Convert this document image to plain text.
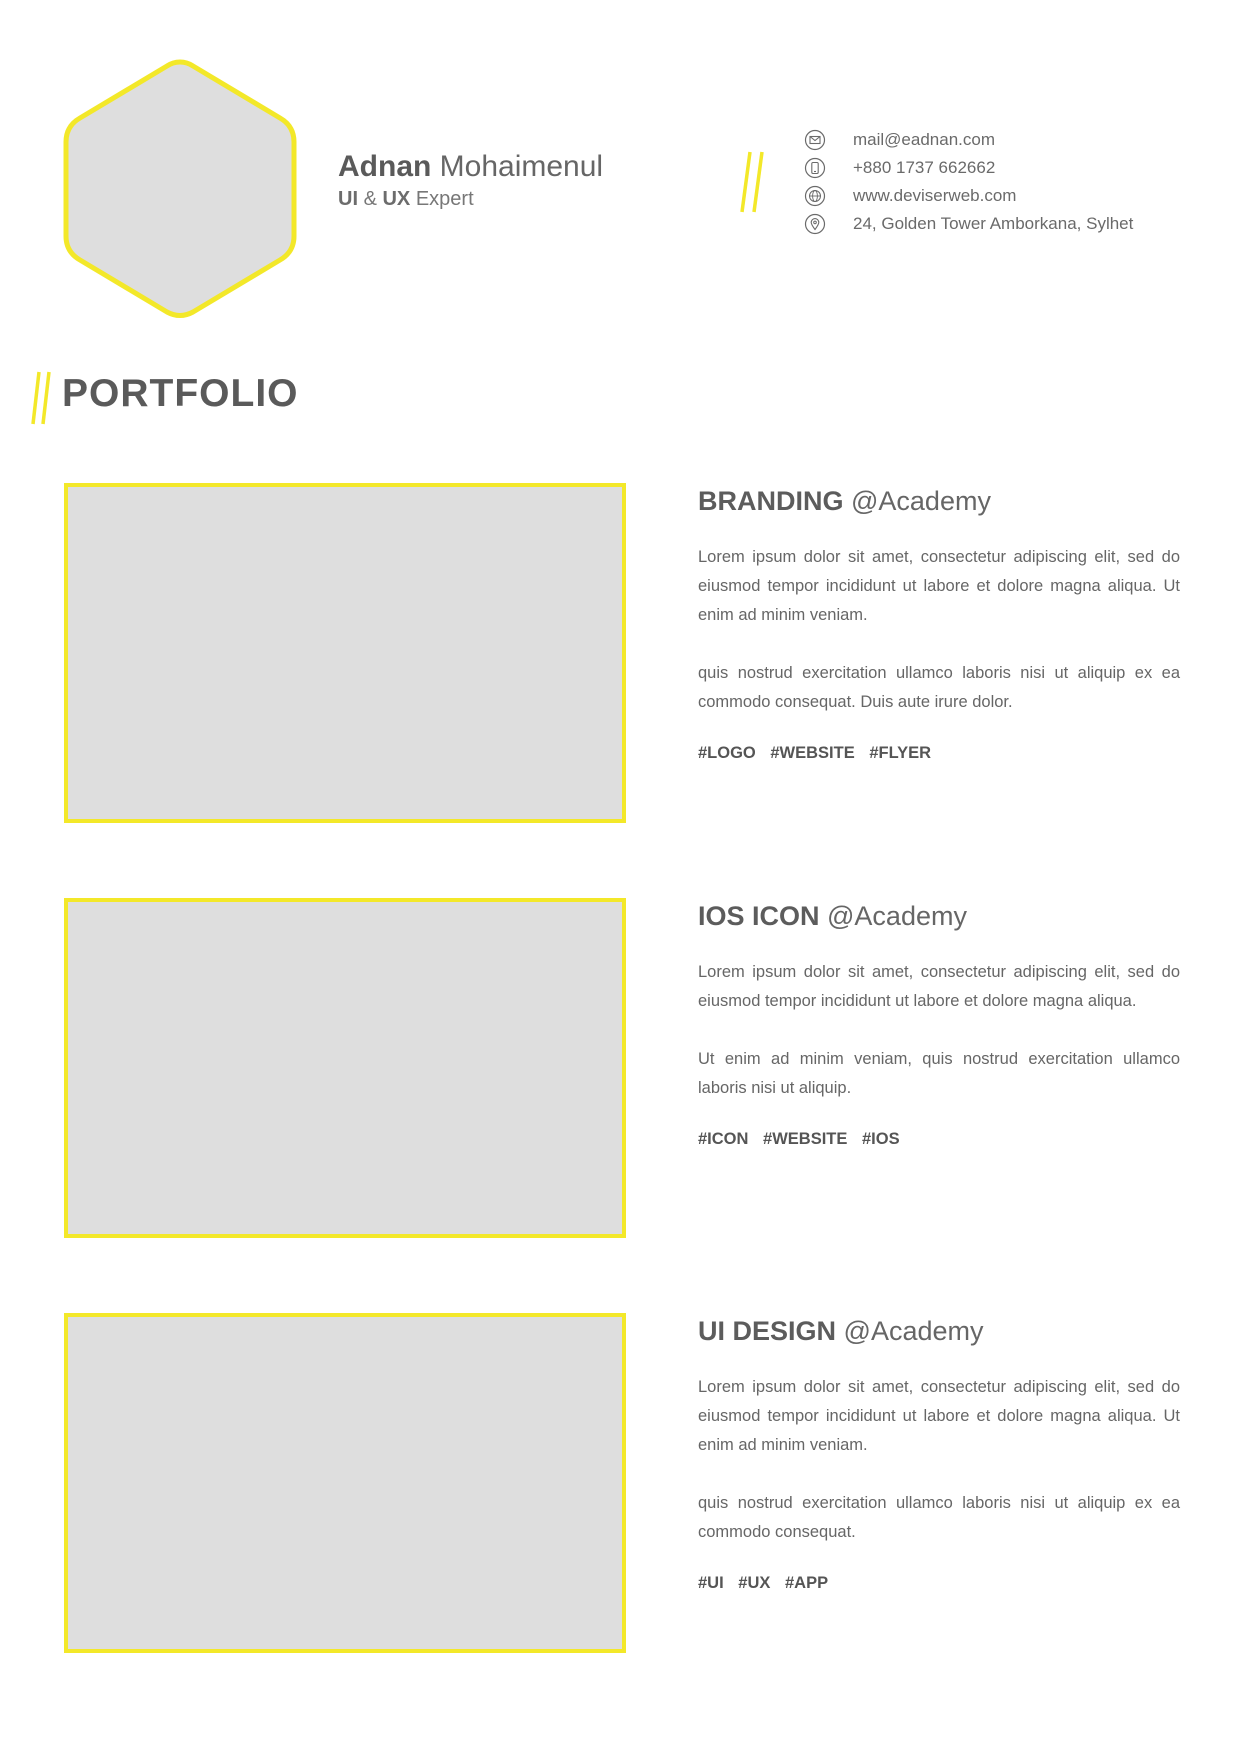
Adnan Mohaimenul
UI & UX Expert
mail@eadnan.com
+880 1737 662662
www.deviserweb.com
24, Golden Tower Amborkana, Sylhet
PORTFOLIO
BRANDING @Academy

Lorem ipsum dolor sit amet, consectetur adipiscing elit, sed do eiusmod tempor incididunt ut labore et dolore magna aliqua. Ut enim ad minim veniam.

quis nostrud exercitation ullamco laboris nisi ut aliquip ex ea commodo consequat. Duis aute irure dolor.

#LOGO #WEBSITE #FLYER
IOS ICON @Academy

Lorem ipsum dolor sit amet, consectetur adipiscing elit, sed do eiusmod tempor incididunt ut labore et dolore magna aliqua.

Ut enim ad minim veniam, quis nostrud exercitation ullamco laboris nisi ut aliquip.

#ICON #WEBSITE #IOS
UI DESIGN @Academy

Lorem ipsum dolor sit amet, consectetur adipiscing elit, sed do eiusmod tempor incididunt ut labore et dolore magna aliqua. Ut enim ad minim veniam.

quis nostrud exercitation ullamco laboris nisi ut aliquip ex ea commodo consequat.

#UI #UX #APP
